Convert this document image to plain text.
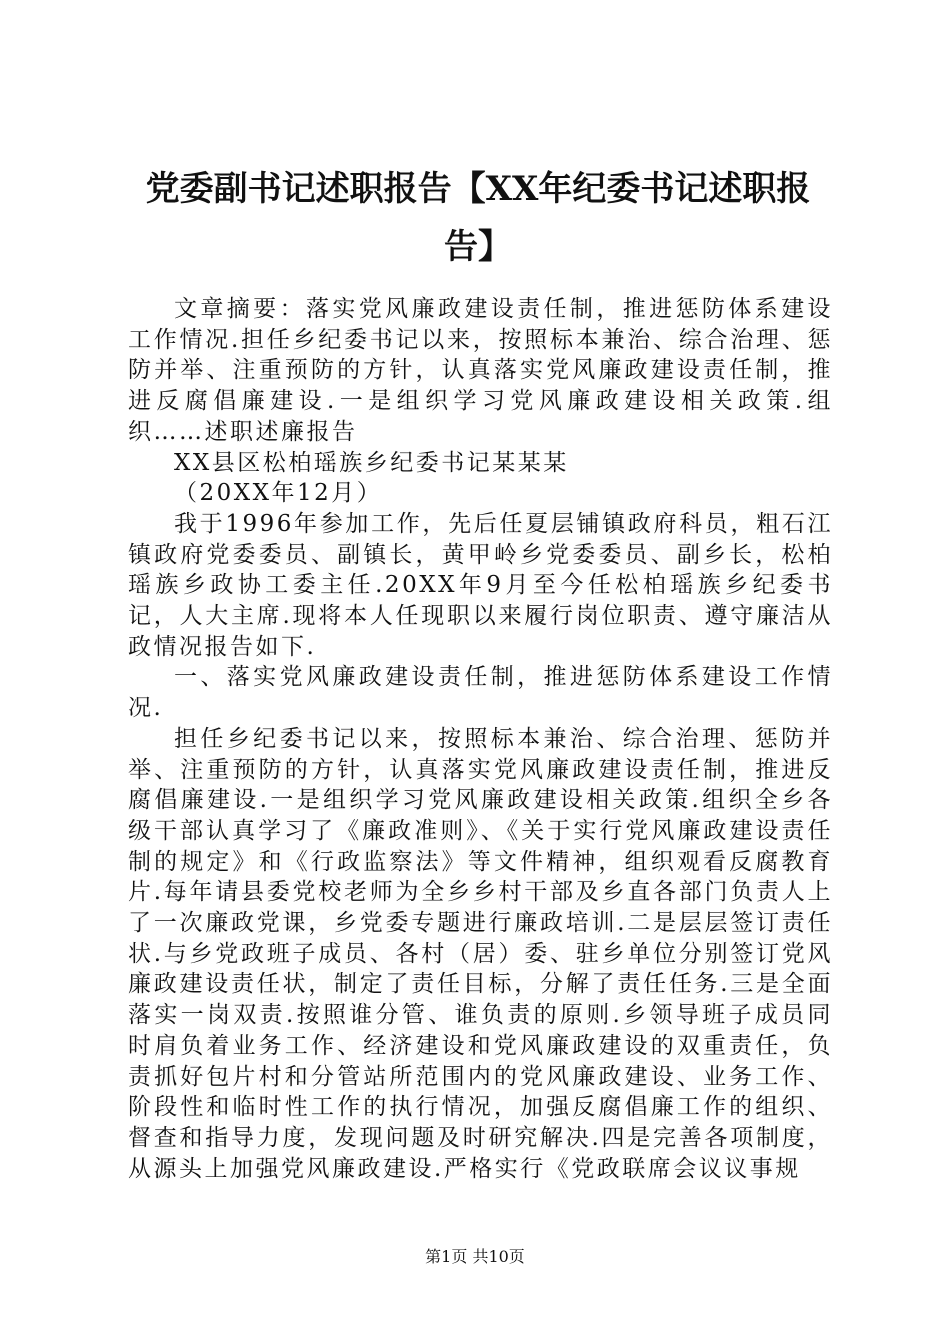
党委副书记述职报告【XX年纪委书记述职报告】

文章摘要：落实党风廉政建设责任制，推进惩防体系建设工作情况.担任乡纪委书记以来，按照标本兼治、综合治理、惩防并举、注重预防的方针，认真落实党风廉政建设责任制，推进反腐倡廉建设.一是组织学习党风廉政建设相关政策.组织……述职述廉报告

XX县区松柏瑶族乡纪委书记某某某

（20XX年12月）

我于1996年参加工作，先后任夏层铺镇政府科员，粗石江镇政府党委委员、副镇长，黄甲岭乡党委委员、副乡长，松柏瑶族乡政协工委主任.20XX年9月至今任松柏瑶族乡纪委书记，人大主席.现将本人任现职以来履行岗位职责、遵守廉洁从政情况报告如下.

一、落实党风廉政建设责任制，推进惩防体系建设工作情况.

担任乡纪委书记以来，按照标本兼治、综合治理、惩防并举、注重预防的方针，认真落实党风廉政建设责任制，推进反腐倡廉建设.一是组织学习党风廉政建设相关政策.组织全乡各级干部认真学习了《廉政准则》、《关于实行党风廉政建设责任制的规定》和《行政监察法》等文件精神，组织观看反腐教育片.每年请县委党校老师为全乡乡村干部及乡直各部门负责人上了一次廉政党课，乡党委专题进行廉政培训.二是层层签订责任状.与乡党政班子成员、各村（居）委、驻乡单位分别签订党风廉政建设责任状，制定了责任目标，分解了责任任务.三是全面落实一岗双责.按照谁分管、谁负责的原则.乡领导班子成员同时肩负着业务工作、经济建设和党风廉政建设的双重责任，负责抓好包片村和分管站所范围内的党风廉政建设、业务工作、阶段性和临时性工作的执行情况，加强反腐倡廉工作的组织、督查和指导力度，发现问题及时研究解决.四是完善各项制度，从源头上加强党风廉政建设.严格实行《党政联席会议议事规

第1页 共10页
